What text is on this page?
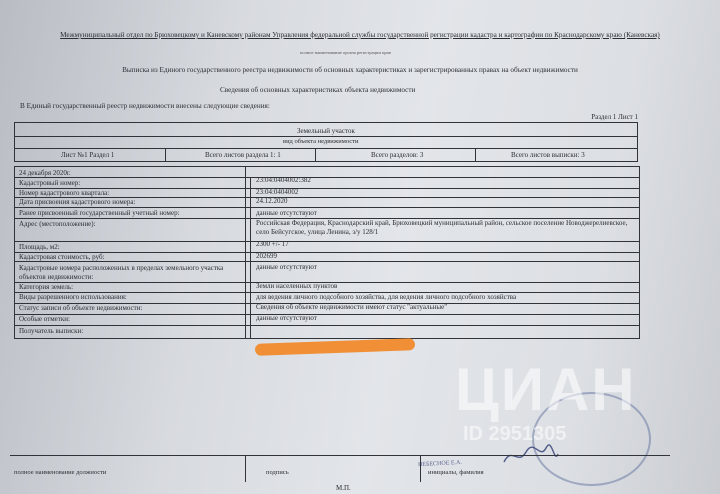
Межмуниципальный отдел по Брюховецкому и Каневскому районам Управления федеральной службы государственной регистрации кадастра и картографии по Краснодарскому краю (Каневская)
полное наименование органа регистрации прав
Выписка из Единого государственного реестра недвижимости об основных характеристиках и зарегистрированных правах на объект недвижимости
Сведения об основных характеристиках объекта недвижимости
В Единый государственный реестр недвижимости внесены следующие сведения:
Раздел 1 Лист 1
Земельный участок
вид объекта недвижимости
Лист №1 Раздел 1	Всего листов раздела 1: 1	Всего разделов: 3	Всего листов выписки: 3
24 декабря 2020г.
Кадастровый номер:	23:04:0404002:382
Номер кадастрового квартала:	23:04:0404002
Дата присвоения кадастрового номера:	24.12.2020
Ранее присвоенный государственный учетный номер:	данные отсутствуют
Адрес (местоположение):	Российская Федерация, Краснодарский край, Брюховецкий муниципальный район, сельское поселение Новоджерелиевское, село Бейсугское, улица Ленина, з/у 128/1
Площадь, м2:	2300 +/- 17
Кадастровая стоимость, руб:	202699
Кадастровые номера расположенных в пределах земельного участка объектов недвижимости:
данные отсутствуют
Категория земель:	Земли населенных пунктов
Виды разрешенного использования:	для ведения личного подсобного хозяйства, для ведения личного подсобного хозяйства
Статус записи об объекте недвижимости:	Сведения об объекте недвижимости имеют статус "актуальные"
Особые отметки:	данные отсутствуют
Получатель выписки:
НЕБЕСНОЕ Е.А.
полное наименование должности	подпись	инициалы, фамилия
М.П.
ЦИАН
ID 2951305
